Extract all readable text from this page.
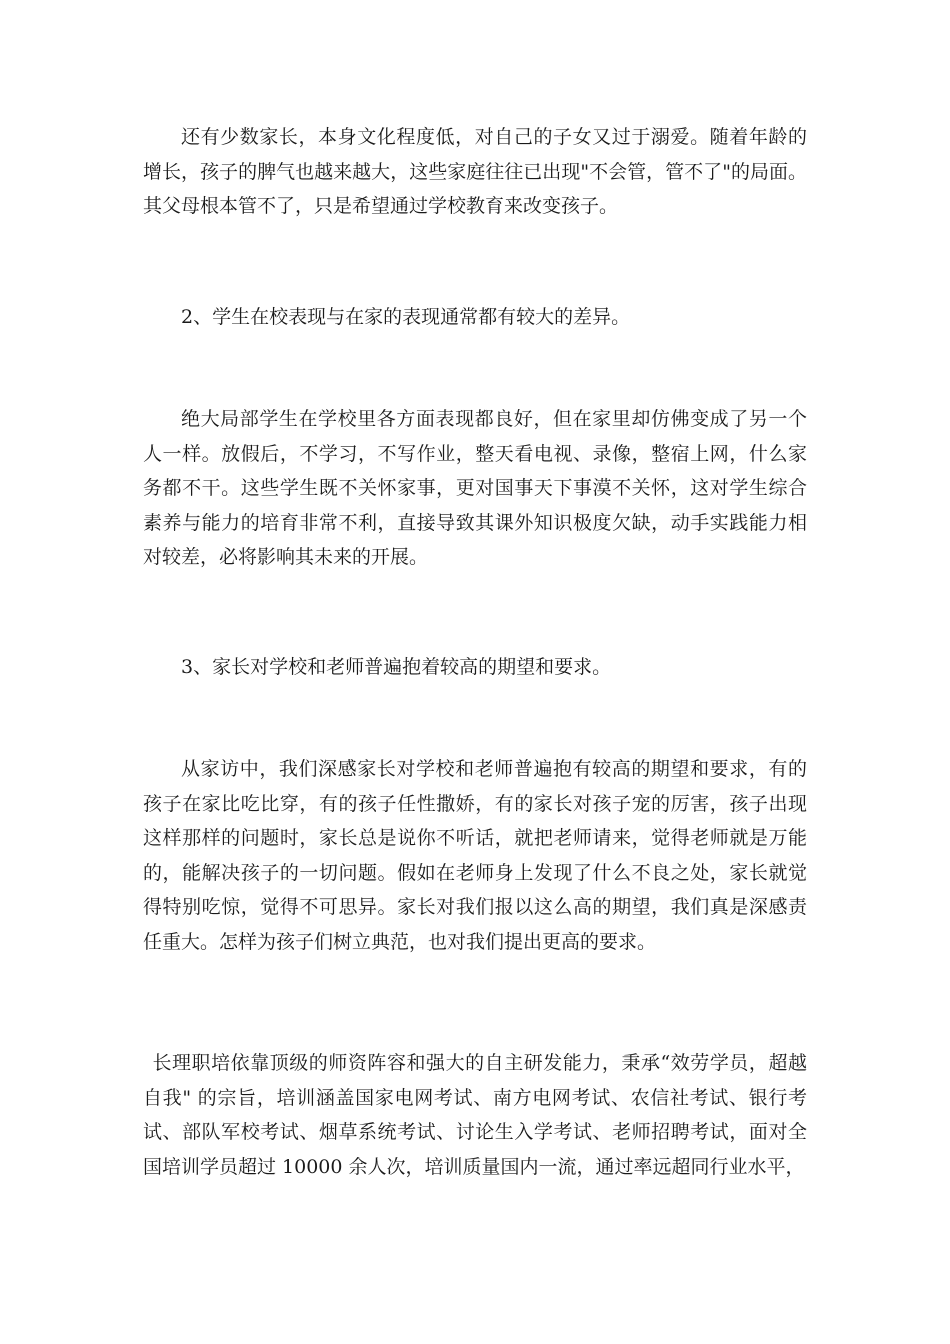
还有少数家长，本身文化程度低，对自己的子女又过于溺爱。随着年龄的增长，孩子的脾气也越来越大，这些家庭往往已出现"不会管，管不了"的局面。其父母根本管不了，只是希望通过学校教育来改变孩子。

2、学生在校表现与在家的表现通常都有较大的差异。

绝大局部学生在学校里各方面表现都良好，但在家里却仿佛变成了另一个人一样。放假后，不学习，不写作业，整天看电视、录像，整宿上网，什么家务都不干。这些学生既不关怀家事，更对国事天下事漠不关怀，这对学生综合素养与能力的培育非常不利，直接导致其课外知识极度欠缺，动手实践能力相对较差，必将影响其未来的开展。

3、家长对学校和老师普遍抱着较高的期望和要求。

从家访中，我们深感家长对学校和老师普遍抱有较高的期望和要求，有的孩子在家比吃比穿，有的孩子任性撒娇，有的家长对孩子宠的厉害，孩子出现这样那样的问题时，家长总是说你不听话，就把老师请来，觉得老师就是万能的，能解决孩子的一切问题。假如在老师身上发现了什么不良之处，家长就觉得特别吃惊，觉得不可思异。家长对我们报以这么高的期望，我们真是深感责任重大。怎样为孩子们树立典范，也对我们提出更高的要求。

长理职培依靠顶级的师资阵容和强大的自主研发能力，秉承“效劳学员，超越自我" 的宗旨，培训涵盖国家电网考试、南方电网考试、农信社考试、银行考试、部队军校考试、烟草系统考试、讨论生入学考试、老师招聘考试，面对全国培训学员超过 10000 余人次，培训质量国内一流，通过率远超同行业水平，
